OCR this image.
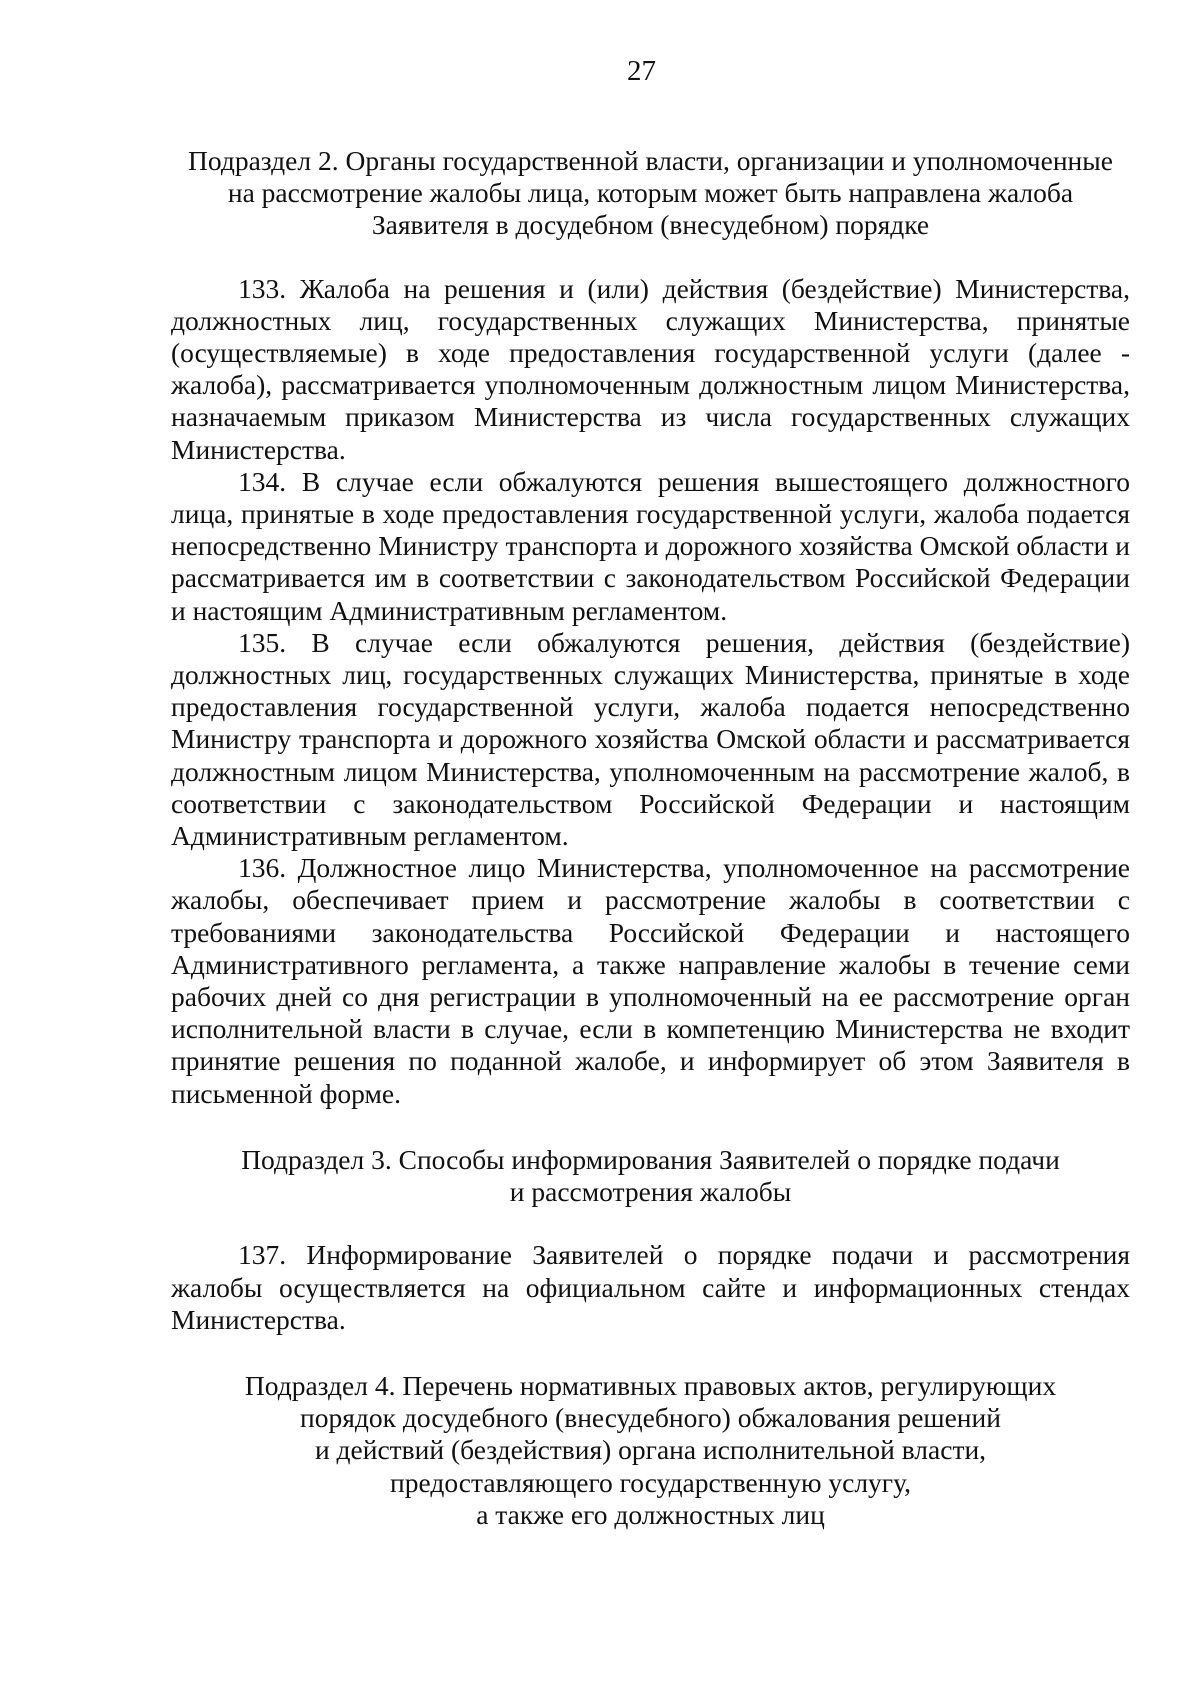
27
Подраздел 2. Органы государственной власти, организации и уполномоченные
на рассмотрение жалобы лица, которым может быть направлена жалоба
Заявителя в досудебном (внесудебном) порядке

133. Жалоба на решения и (или) действия (бездействие) Министерства, должностных лиц, государственных служащих Министерства, принятые (осуществляемые) в ходе предоставления государственной услуги (далее - жалоба), рассматривается уполномоченным должностным лицом Министерства, назначаемым приказом Министерства из числа государственных служащих Министерства.

134. В случае если обжалуются решения вышестоящего должностного лица, принятые в ходе предоставления государственной услуги, жалоба подается непосредственно Министру транспорта и дорожного хозяйства Омской области и рассматривается им в соответствии с законодательством Российской Федерации и настоящим Административным регламентом.

135. В случае если обжалуются решения, действия (бездействие) должностных лиц, государственных служащих Министерства, принятые в ходе предоставления государственной услуги, жалоба подается непосредственно Министру транспорта и дорожного хозяйства Омской области и рассматривается должностным лицом Министерства, уполномоченным на рассмотрение жалоб, в соответствии с законодательством Российской Федерации и настоящим Административным регламентом.

136. Должностное лицо Министерства, уполномоченное на рассмотрение жалобы, обеспечивает прием и рассмотрение жалобы в соответствии с требованиями законодательства Российской Федерации и настоящего Административного регламента, а также направление жалобы в течение семи рабочих дней со дня регистрации в уполномоченный на ее рассмотрение орган исполнительной власти в случае, если в компетенцию Министерства не входит принятие решения по поданной жалобе, и информирует об этом Заявителя в письменной форме.

Подраздел 3. Способы информирования Заявителей о порядке подачи
и рассмотрения жалобы

137. Информирование Заявителей о порядке подачи и рассмотрения жалобы осуществляется на официальном сайте и информационных стендах Министерства.

Подраздел 4. Перечень нормативных правовых актов, регулирующих
порядок досудебного (внесудебного) обжалования решений
и действий (бездействия) органа исполнительной власти,
предоставляющего государственную услугу,
а также его должностных лиц
